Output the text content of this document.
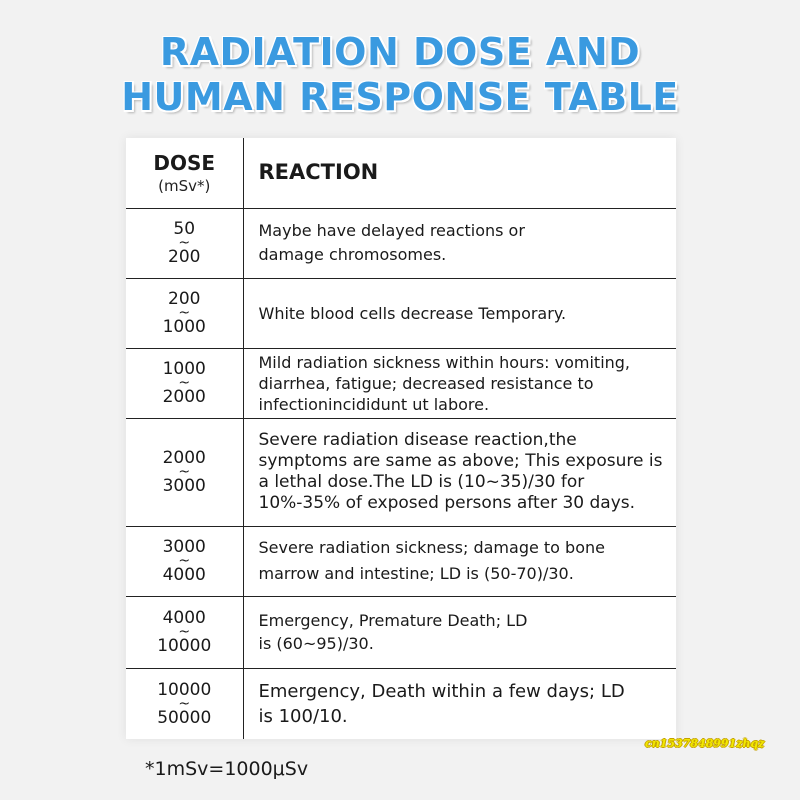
RADIATION DOSE AND
HUMAN RESPONSE TABLE
DOSE
(mSv*)	REACTION

50
~
200	Maybe have delayed reactions or damage chromosomes.

200
~
1000	White blood cells decrease Temporary.

1000
~
2000	Mild radiation sickness within hours: vomiting, diarrhea, fatigue; decreased resistance to infectionincididunt ut labore.

2000
~
3000	Severe radiation disease reaction,the symptoms are same as above; This exposure is a lethal dose.The LD is (10~35)/30 for 10%-35% of exposed persons after 30 days.

3000
~
4000	Severe radiation sickness; damage to bone marrow and intestine; LD is (50-70)/30.

4000
~
10000	Emergency, Premature Death; LD is (60~95)/30.

10000
~
50000	Emergency, Death within a few days; LD is 100/10.
*1mSv=1000μSv
cn1537848991zhqz
